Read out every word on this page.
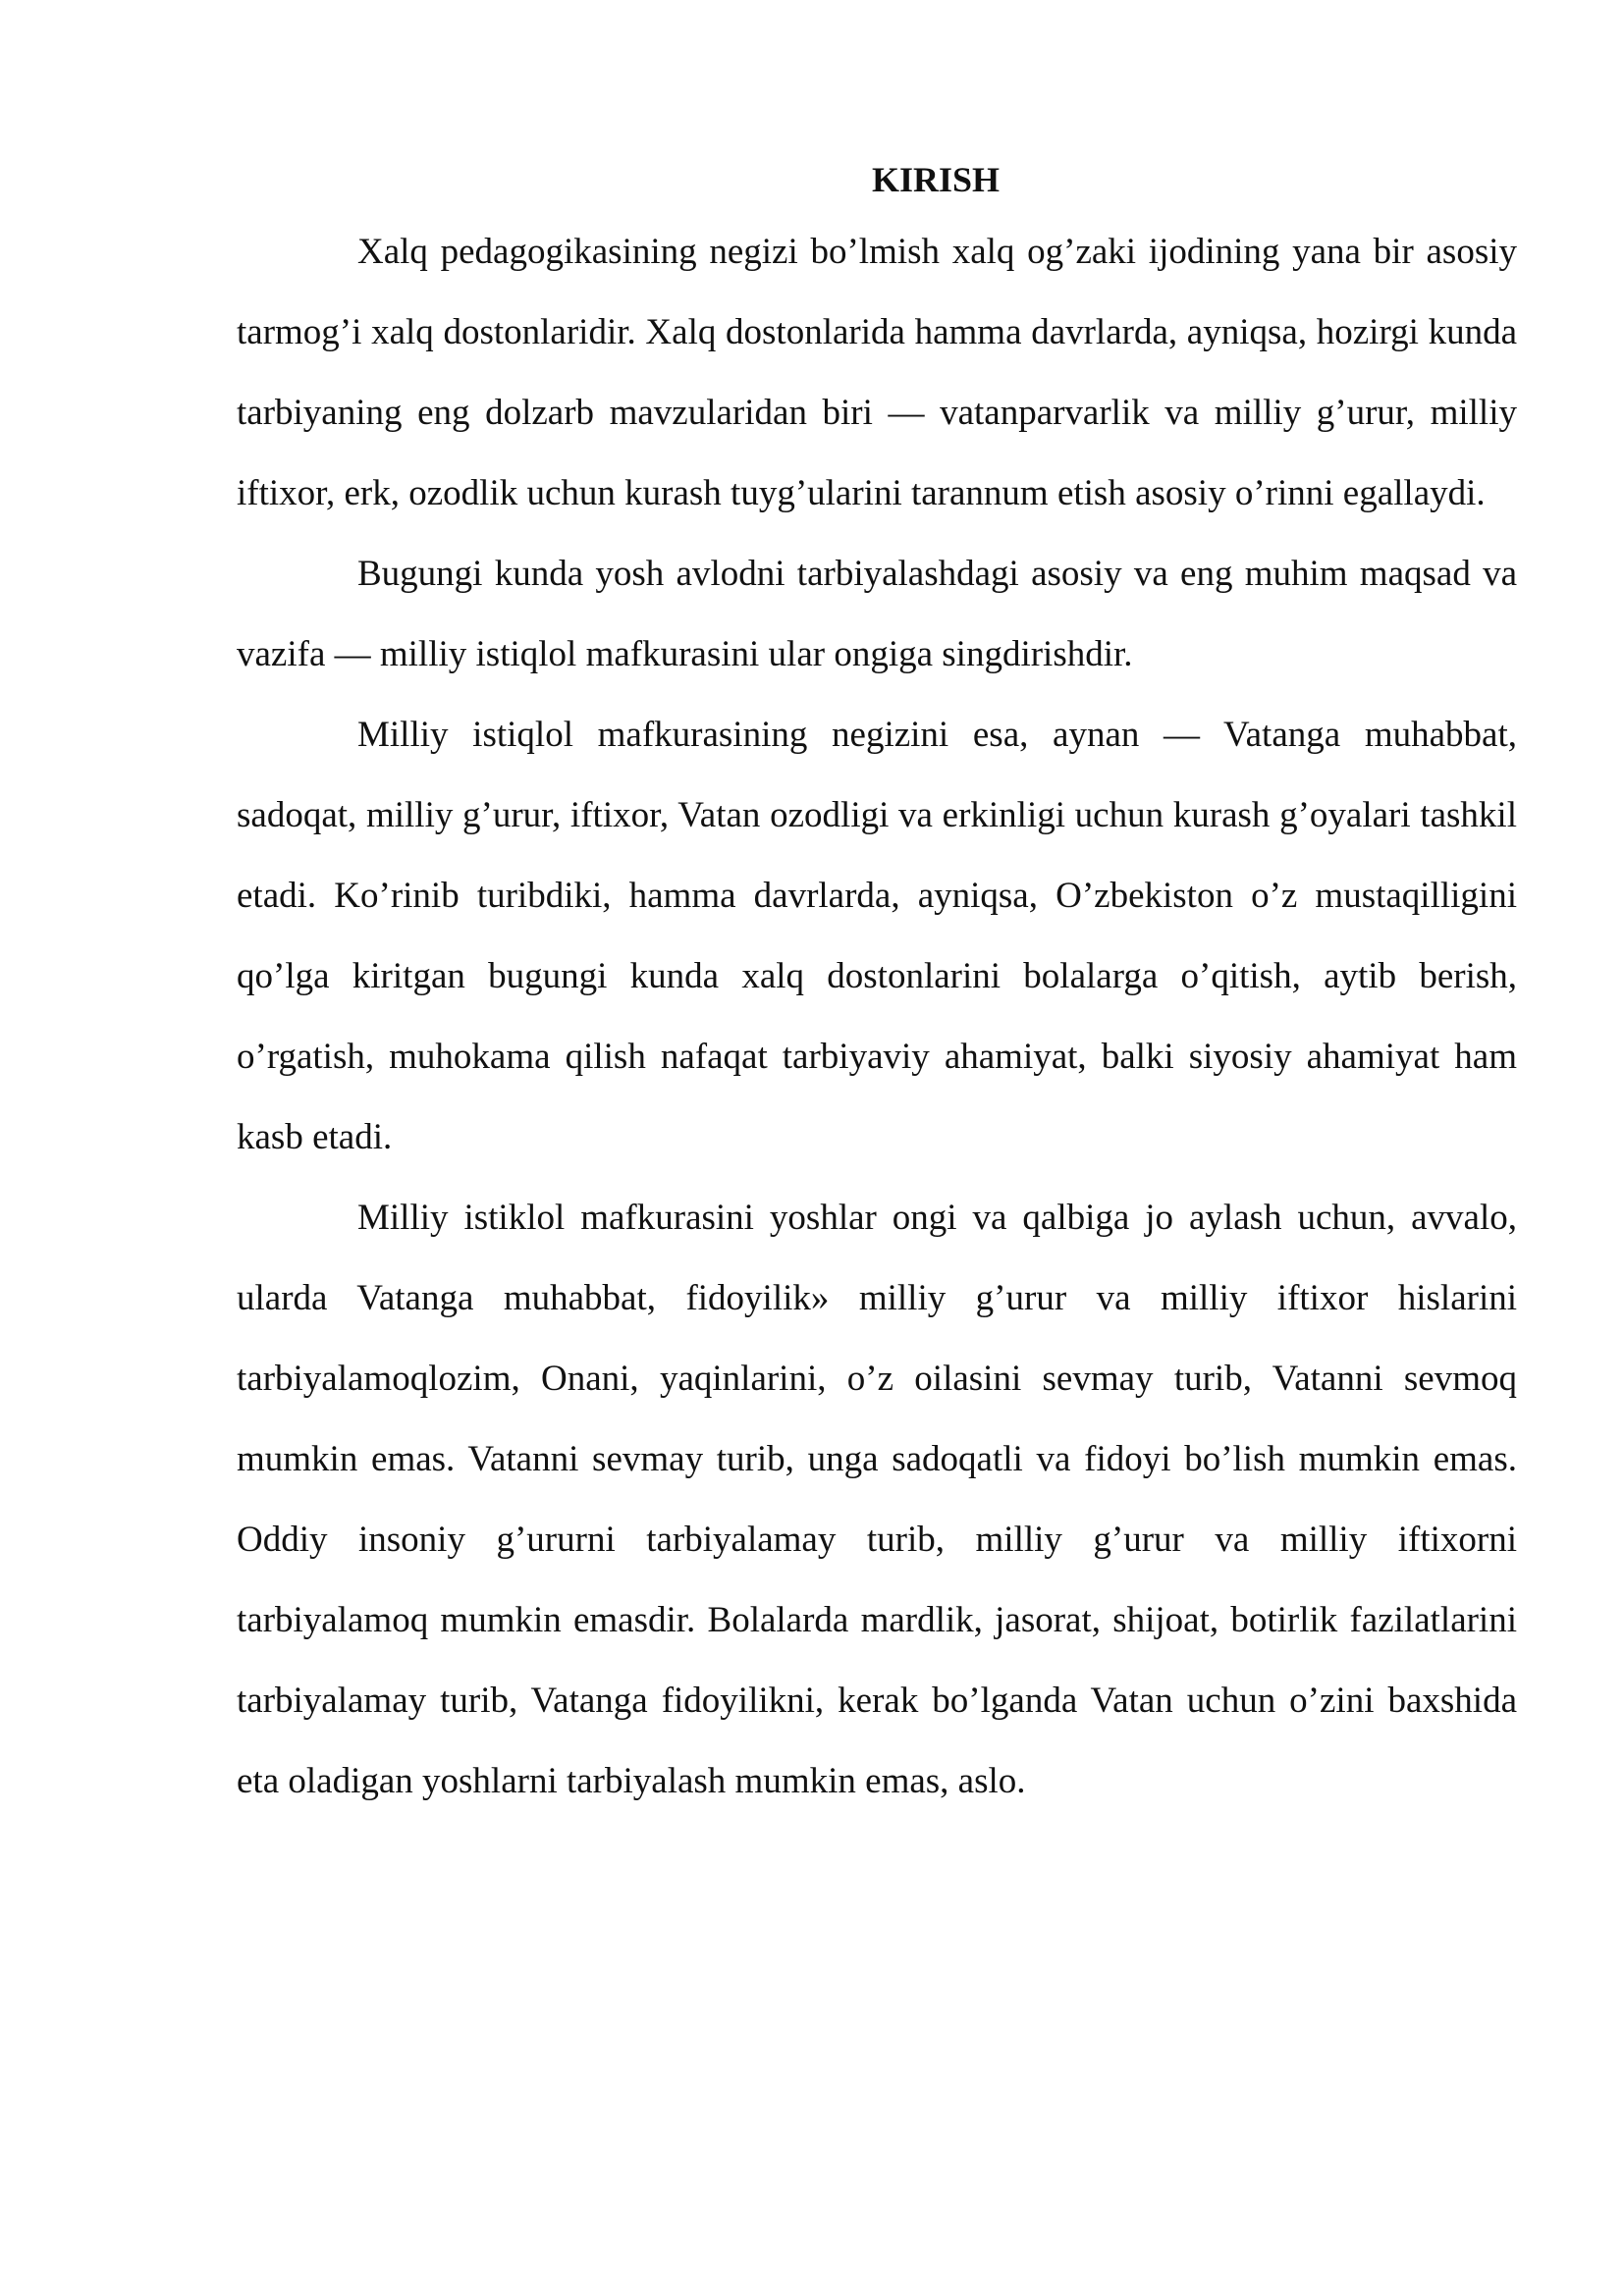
KIRISH

Xalq pedagogikasining negizi bo’lmish xalq og’zaki ijodining yana bir asosiy tarmog’i xalq dostonlaridir. Xalq dostonlarida hamma davrlarda, ayniqsa, hozirgi kunda tarbiyaning eng dolzarb mavzularidan biri — vatanparvarlik va milliy g’urur, milliy iftixor, erk, ozodlik uchun kurash tuyg’ularini tarannum etish asosiy o’rinni egallaydi.

Bugungi kunda yosh avlodni tarbiyalashdagi asosiy va eng muhim maqsad va vazifa — milliy istiqlol mafkurasini ular ongiga singdirishdir.

Milliy istiqlol mafkurasining negizini esa, aynan — Vatanga muhabbat, sadoqat, milliy g’urur, iftixor, Vatan ozodligi va erkinligi uchun kurash g’oyalari tashkil etadi. Ko’rinib turibdiki, hamma davrlarda, ayniqsa, O’zbekiston o’z mustaqilligini qo’lga kiritgan bugungi kunda xalq dostonlarini bolalarga o’qitish, aytib berish, o’rgatish, muhokama qilish nafaqat tarbiyaviy ahamiyat, balki siyosiy ahamiyat ham kasb etadi.

Milliy istiklol mafkurasini yoshlar ongi va qalbiga jo aylash uchun, avvalo, ularda Vatanga muhabbat, fidoyilik» milliy g’urur va milliy iftixor hislarini tarbiyalamoqlozim, Onani, yaqinlarini, o’z oilasini sevmay turib, Vatanni sevmoq mumkin emas. Vatanni sevmay turib, unga sadoqatli va fidoyi bo’lish mumkin emas. Oddiy insoniy g’ururni tarbiyalamay turib, milliy g’urur va milliy iftixorni tarbiyalamoq mumkin emasdir. Bolalarda mardlik, jasorat, shijoat, botirlik fazilatlarini tarbiyalamay turib, Vatanga fidoyilikni, kerak bo’lganda Vatan uchun o’zini baxshida eta oladigan yoshlarni tarbiyalash mumkin emas, aslo.
